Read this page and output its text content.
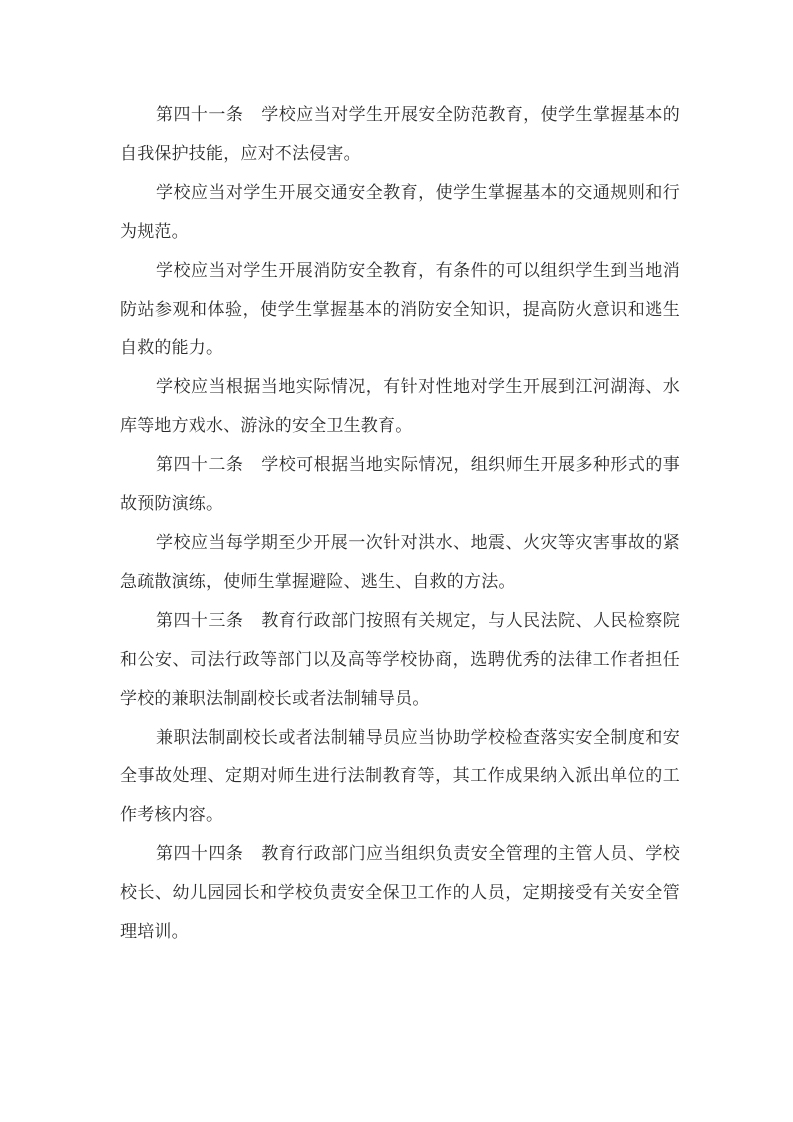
第四十一条 学校应当对学生开展安全防范教育，使学生掌握基本的自我保护技能，应对不法侵害。

学校应当对学生开展交通安全教育，使学生掌握基本的交通规则和行为规范。

学校应当对学生开展消防安全教育，有条件的可以组织学生到当地消防站参观和体验，使学生掌握基本的消防安全知识，提高防火意识和逃生自救的能力。

学校应当根据当地实际情况，有针对性地对学生开展到江河湖海、水库等地方戏水、游泳的安全卫生教育。

第四十二条 学校可根据当地实际情况，组织师生开展多种形式的事故预防演练。

学校应当每学期至少开展一次针对洪水、地震、火灾等灾害事故的紧急疏散演练，使师生掌握避险、逃生、自救的方法。

第四十三条 教育行政部门按照有关规定，与人民法院、人民检察院和公安、司法行政等部门以及高等学校协商，选聘优秀的法律工作者担任学校的兼职法制副校长或者法制辅导员。

兼职法制副校长或者法制辅导员应当协助学校检查落实安全制度和安全事故处理、定期对师生进行法制教育等，其工作成果纳入派出单位的工作考核内容。

第四十四条 教育行政部门应当组织负责安全管理的主管人员、学校校长、幼儿园园长和学校负责安全保卫工作的人员，定期接受有关安全管理培训。
